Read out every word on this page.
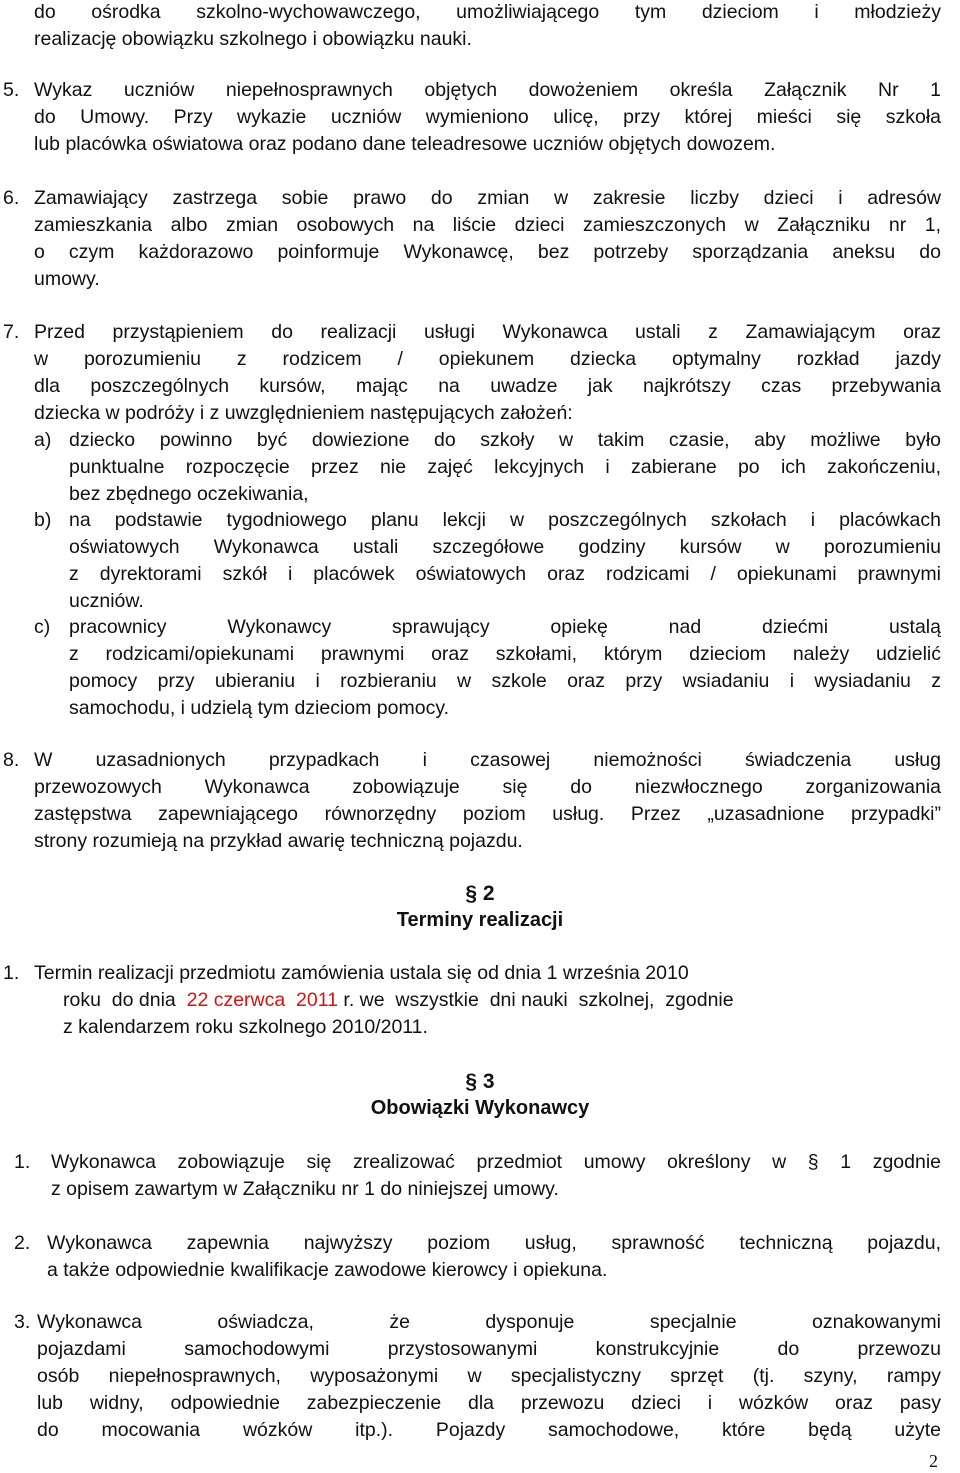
do ośrodka szkolno-wychowawczego, umożliwiającego tym dzieciom i młodzieży
realizację obowiązku szkolnego i obowiązku nauki.
5. Wykaz uczniów niepełnosprawnych objętych dowożeniem określa Załącznik Nr 1
do Umowy. Przy wykazie uczniów wymieniono ulicę, przy której mieści się szkoła
lub placówka oświatowa oraz podano dane teleadresowe uczniów objętych dowozem.
6. Zamawiający zastrzega sobie prawo do zmian w zakresie liczby dzieci i adresów
zamieszkania albo zmian osobowych na liście dzieci zamieszczonych w Załączniku nr 1,
o czym każdorazowo poinformuje Wykonawcę, bez potrzeby sporządzania aneksu do
umowy.
7. Przed przystąpieniem do realizacji usługi Wykonawca ustali z Zamawiającym oraz
w porozumieniu z rodzicem / opiekunem dziecka optymalny rozkład jazdy
dla poszczególnych kursów, mając na uwadze jak najkrótszy czas przebywania
dziecka w podróży i z uwzględnieniem następujących założeń:
a) dziecko powinno być dowiezione do szkoły w takim czasie, aby możliwe było
punktualne rozpoczęcie przez nie zajęć lekcyjnych i zabierane po ich zakończeniu,
bez zbędnego oczekiwania,
b) na podstawie tygodniowego planu lekcji w poszczególnych szkołach i placówkach
oświatowych Wykonawca ustali szczegółowe godziny kursów w porozumieniu
z dyrektorami szkół i placówek oświatowych oraz rodzicami / opiekunami prawnymi
uczniów.
c) pracownicy Wykonawcy sprawujący opiekę nad dziećmi ustalą
z rodzicami/opiekunami prawnymi oraz szkołami, którym dzieciom należy udzielić
pomocy przy ubieraniu i rozbieraniu w szkole oraz przy wsiadaniu i wysiadaniu z
samochodu, i udzielą tym dzieciom pomocy.
8. W uzasadnionych przypadkach i czasowej niemożności świadczenia usług
przewozowych Wykonawca zobowiązuje się do niezwłocznego zorganizowania
zastępstwa zapewniającego równorzędny poziom usług. Przez „uzasadnione przypadki”
strony rozumieją na przykład awarię techniczną pojazdu.
§ 2
Terminy realizacji
1. Termin realizacji przedmiotu zamówienia ustala się od dnia 1 września 2010
roku  do dnia  22 czerwca  2011 r. we  wszystkie  dni nauki  szkolnej,  zgodnie
z kalendarzem roku szkolnego 2010/2011.
§ 3
Obowiązki Wykonawcy
1. Wykonawca zobowiązuje się zrealizować przedmiot umowy określony w § 1 zgodnie
z opisem zawartym w Załączniku nr 1 do niniejszej umowy.
2. Wykonawca zapewnia najwyższy poziom usług, sprawność techniczną pojazdu,
a także odpowiednie kwalifikacje zawodowe kierowcy i opiekuna.
3. Wykonawca oświadcza, że dysponuje specjalnie oznakowanymi
pojazdami samochodowymi przystosowanymi konstrukcyjnie do przewozu
osób niepełnosprawnych, wyposażonymi w specjalistyczny sprzęt (tj. szyny, rampy
lub widny, odpowiednie zabezpieczenie dla przewozu dzieci i wózków oraz pasy
do mocowania wózków itp.). Pojazdy samochodowe, które będą użyte
2
